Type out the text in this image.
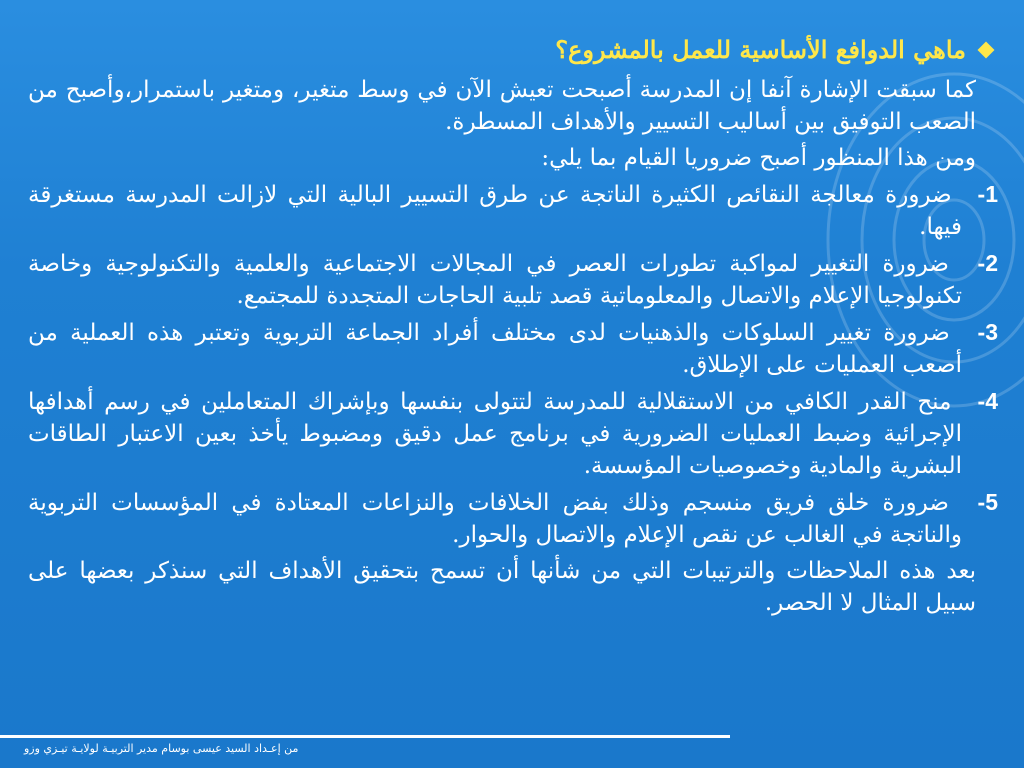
ماهي الدوافع الأساسية للعمل بالمشروع؟

كما سبقت الإشارة آنفا إن المدرسة أصبحت تعيش الآن في وسط متغير، ومتغير باستمرار،وأصبح من الصعب التوفيق بين أساليب التسيير والأهداف المسطرة.

ومن هذا المنظور أصبح ضروريا القيام بما يلي:

1- ضرورة معالجة النقائص الكثيرة الناتجة عن طرق التسيير البالية التي لازالت المدرسة مستغرقة فيها.
2- ضرورة التغيير لمواكبة تطورات العصر في المجالات الاجتماعية والعلمية والتكنولوجية وخاصة تكنولوجيا الإعلام والاتصال والمعلوماتية قصد تلبية الحاجات المتجددة للمجتمع.
3- ضرورة تغيير السلوكات والذهنيات لدى مختلف أفراد الجماعة التربوية وتعتبر هذه العملية من أصعب العمليات على الإطلاق.
4- منح القدر الكافي من الاستقلالية للمدرسة لتتولى بنفسها وبإشراك المتعاملين في رسم أهدافها الإجرائية وضبط العمليات الضرورية في برنامج عمل دقيق ومضبوط يأخذ بعين الاعتبار الطاقات البشرية والمادية وخصوصيات المؤسسة.
5- ضرورة خلق فريق منسجم وذلك بفض الخلافات والنزاعات المعتادة في المؤسسات التربوية والناتجة في الغالب عن نقص الإعلام والاتصال والحوار.

بعد هذه الملاحظات والترتيبات التي من شأنها أن تسمح بتحقيق الأهداف التي سنذكر بعضها على سبيل المثال لا الحصر.

من إعـداد السيد عيسى بوسام مدير التربيـة لولايـة تيـزي وزو
